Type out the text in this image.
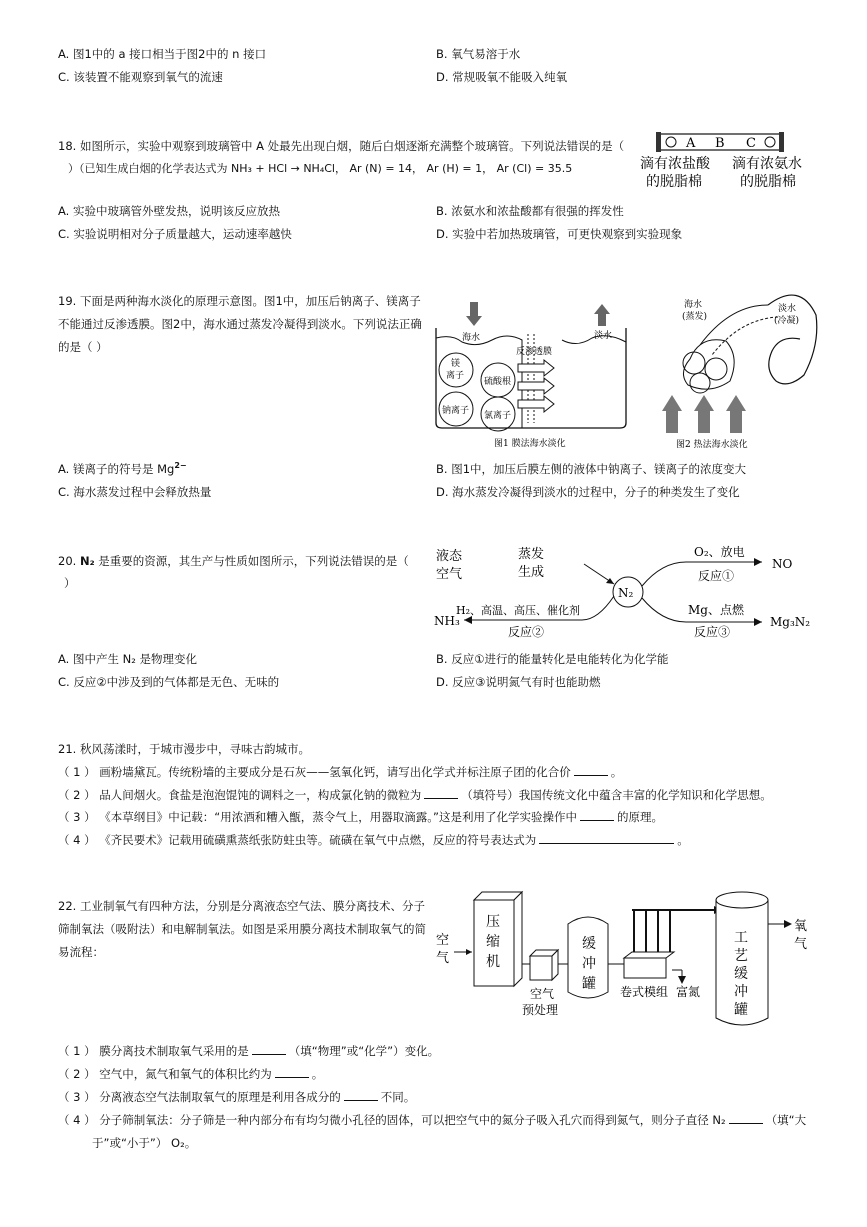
A. 图1中的 a 接口相当于图2中的 n 接口	B. 氧气易溶于水
C. 该装置不能观察到氧气的流速	D. 常规吸氧不能吸入纯氧
18. 如图所示，实验中观察到玻璃管中 A 处最先出现白烟，随后白烟逐渐充满整个玻璃管。下列说法错误的是（
）（已知生成白烟的化学表达式为 NH₃ + HCl → NH₄Cl， Ar (N) = 14， Ar (H) = 1， Ar (Cl) = 35.5
A B C
滴有浓盐酸
的脱脂棉
滴有浓氨水
的脱脂棉
A. 实验中玻璃管外壁发热，说明该反应放热	B. 浓氨水和浓盐酸都有很强的挥发性
C. 实验说明相对分子质量越大，运动速率越快	D. 实验中若加热玻璃管，可更快观察到实验现象
19. 下面是两种海水淡化的原理示意图。图1中，加压后钠离子、镁离子
不能通过反渗透膜。图2中，海水通过蒸发冷凝得到淡水。下列说法正确
的是（ ）
海水
反渗透膜
淡水
镁
离子
硫酸根
钠离子 氯离子
图1 膜法海水淡化
海水
(蒸发)
淡水
(冷凝)
图2 热法海水淡化
A. 镁离子的符号是 $Mg^{2-}$	B. 图1中，加压后膜左侧的液体中钠离子、镁离子的浓度变大
C. 海水蒸发过程中会释放热量	D. 海水蒸发冷凝得到淡水的过程中，分子的种类发生了变化
20. N₂ 是重要的资源，其生产与性质如图所示，下列说法错误的是（
）
液态
空气
蒸发
生成
N₂
O₂、放电
反应①
NO
H₂、高温、高压、催化剂
反应②
NH₃
Mg、点燃
反应③
Mg₃N₂
A. 图中产生 N₂ 是物理变化	B. 反应①进行的能量转化是电能转化为化学能
C. 反应②中涉及到的气体都是无色、无味的	D. 反应③说明氮气有时也能助燃
21. 秋风荡漾时，于城市漫步中，寻味古韵城市。
（ 1 ） 画粉墙黛瓦。传统粉墙的主要成分是石灰——氢氧化钙，请写出化学式并标注原子团的化合价	。
（ 2 ） 品人间烟火。食盐是泡泡馄饨的调料之一，构成氯化钠的微粒为	（填符号）我国传统文化中蕴含丰富的化学知识和化学思想。
（ 3 ） 《本草纲目》中记载：“用浓酒和糟入甑，蒸令气上，用器取滴露。”这是利用了化学实验操作中	的原理。
（ 4 ） 《齐民要术》记载用硫磺熏蒸纸张防蛀虫等。硫磺在氧气中点燃，反应的符号表达式为	。
22. 工业制氧气有四种方法，分别是分离液态空气法、膜分离技术、分子
筛制氧法（吸附法）和电解制氧法。如图是采用膜分离技术制取氧气的简
易流程：
空
气
压
缩
机
空气
预处理
缓
冲
罐 卷式模组 富氮
工
艺
缓
冲
罐
氧
气
（ 1 ） 膜分离技术制取氧气采用的是	（填“物理”或“化学”）变化。
（ 2 ） 空气中，氮气和氧气的体积比约为	。
（ 3 ） 分离液态空气法制取氧气的原理是利用各成分的	不同。
（ 4 ） 分子筛制氧法：分子筛是一种内部分布有均匀微小孔径的固体，可以把空气中的氮分子吸入孔穴而得到氮气，则分子直径 N₂	（填“大
于”或“小于”） O₂。
